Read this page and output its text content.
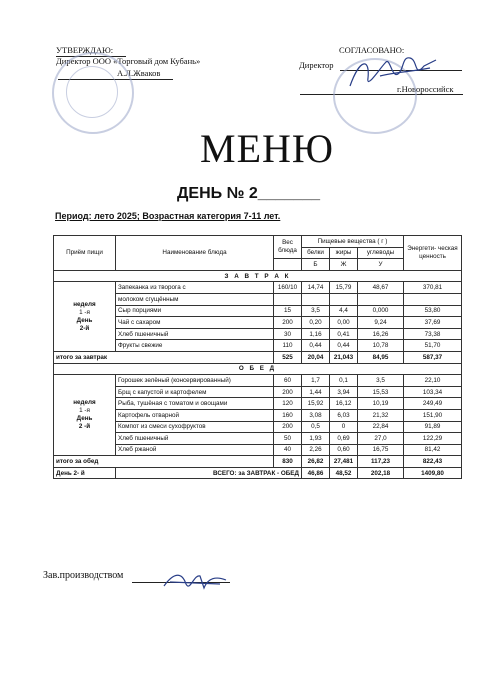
УТВЕРЖДАЮ:
Директор ООО «Торговый дом Кубань»
А.Л.Жваков
СОГЛАСОВАНО:
Директор
г.Новороссийск
МЕНЮ
ДЕНЬ № 2_______
Период: лето 2025; Возрастная категория 7-11 лет.
Приём пищи	Наименование блюда	Вес блюда	Пищевые вещества ( г )			Энергети- ческая ценность
			белки	жиры	углеводы	
			Б	Ж	У	
З А В Т Р А К						

неделя
1 -я
День
2-й	Запеканка из творога с	160/10	14,74	15,79	48,67	370,81
	молоком сгущённым					
	Сыр порциями	15	3,5	4,4	0,000	53,80
	Чай с сахаром	200	0,20	0,00	9,24	37,69
	Хлеб пшеничный	30	1,16	0,41	16,26	73,38
	Фрукты свежие	110	0,44	0,44	10,78	51,70
итого за завтрак		525	20,04	21,043	84,95	587,37
О Б Е Д						

неделя
1 -я
День
2 -й	Горошек зелёный (консервированный)	60	1,7	0,1	3,5	22,10
	Брщ с капустой и картофелем	200	1,44	3,94	15,53	103,34
	Рыба, тушёная с томатом и овощами	120	15,92	16,12	10,19	249,49
	Картофель отварной	160	3,08	6,03	21,32	151,90
	Компот из смеси сухофруктов	200	0,5	0	22,84	91,89
	Хлеб пшеничный	50	1,93	0,69	27,0	122,29
	Хлеб ржаной	40	2,26	0,60	16,75	81,42
итого за обед		830	26,82	27,481	117,23	822,43
День 2- й	ВСЕГО: за ЗАВТРАК - ОБЕД		46,86	48,52	202,18	1409,80
Зав.производством
